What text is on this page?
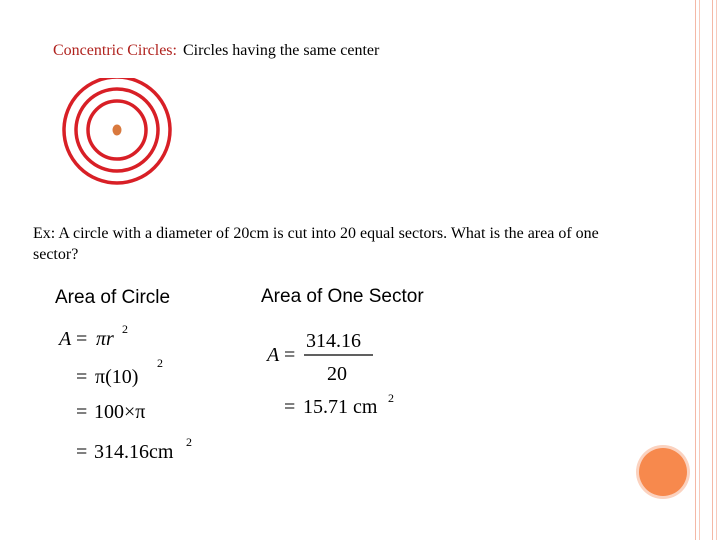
Concentric Circles: Circles having the same center
Ex: A circle with a diameter of 20cm is cut into 20 equal sectors. What is the area of one sector?
Area of Circle	Area of One Sector
A = πr 2
= π(10)
2
= 100×π
= 314.16cm 2
A =
314.16
20
= 15.71 cm 2
